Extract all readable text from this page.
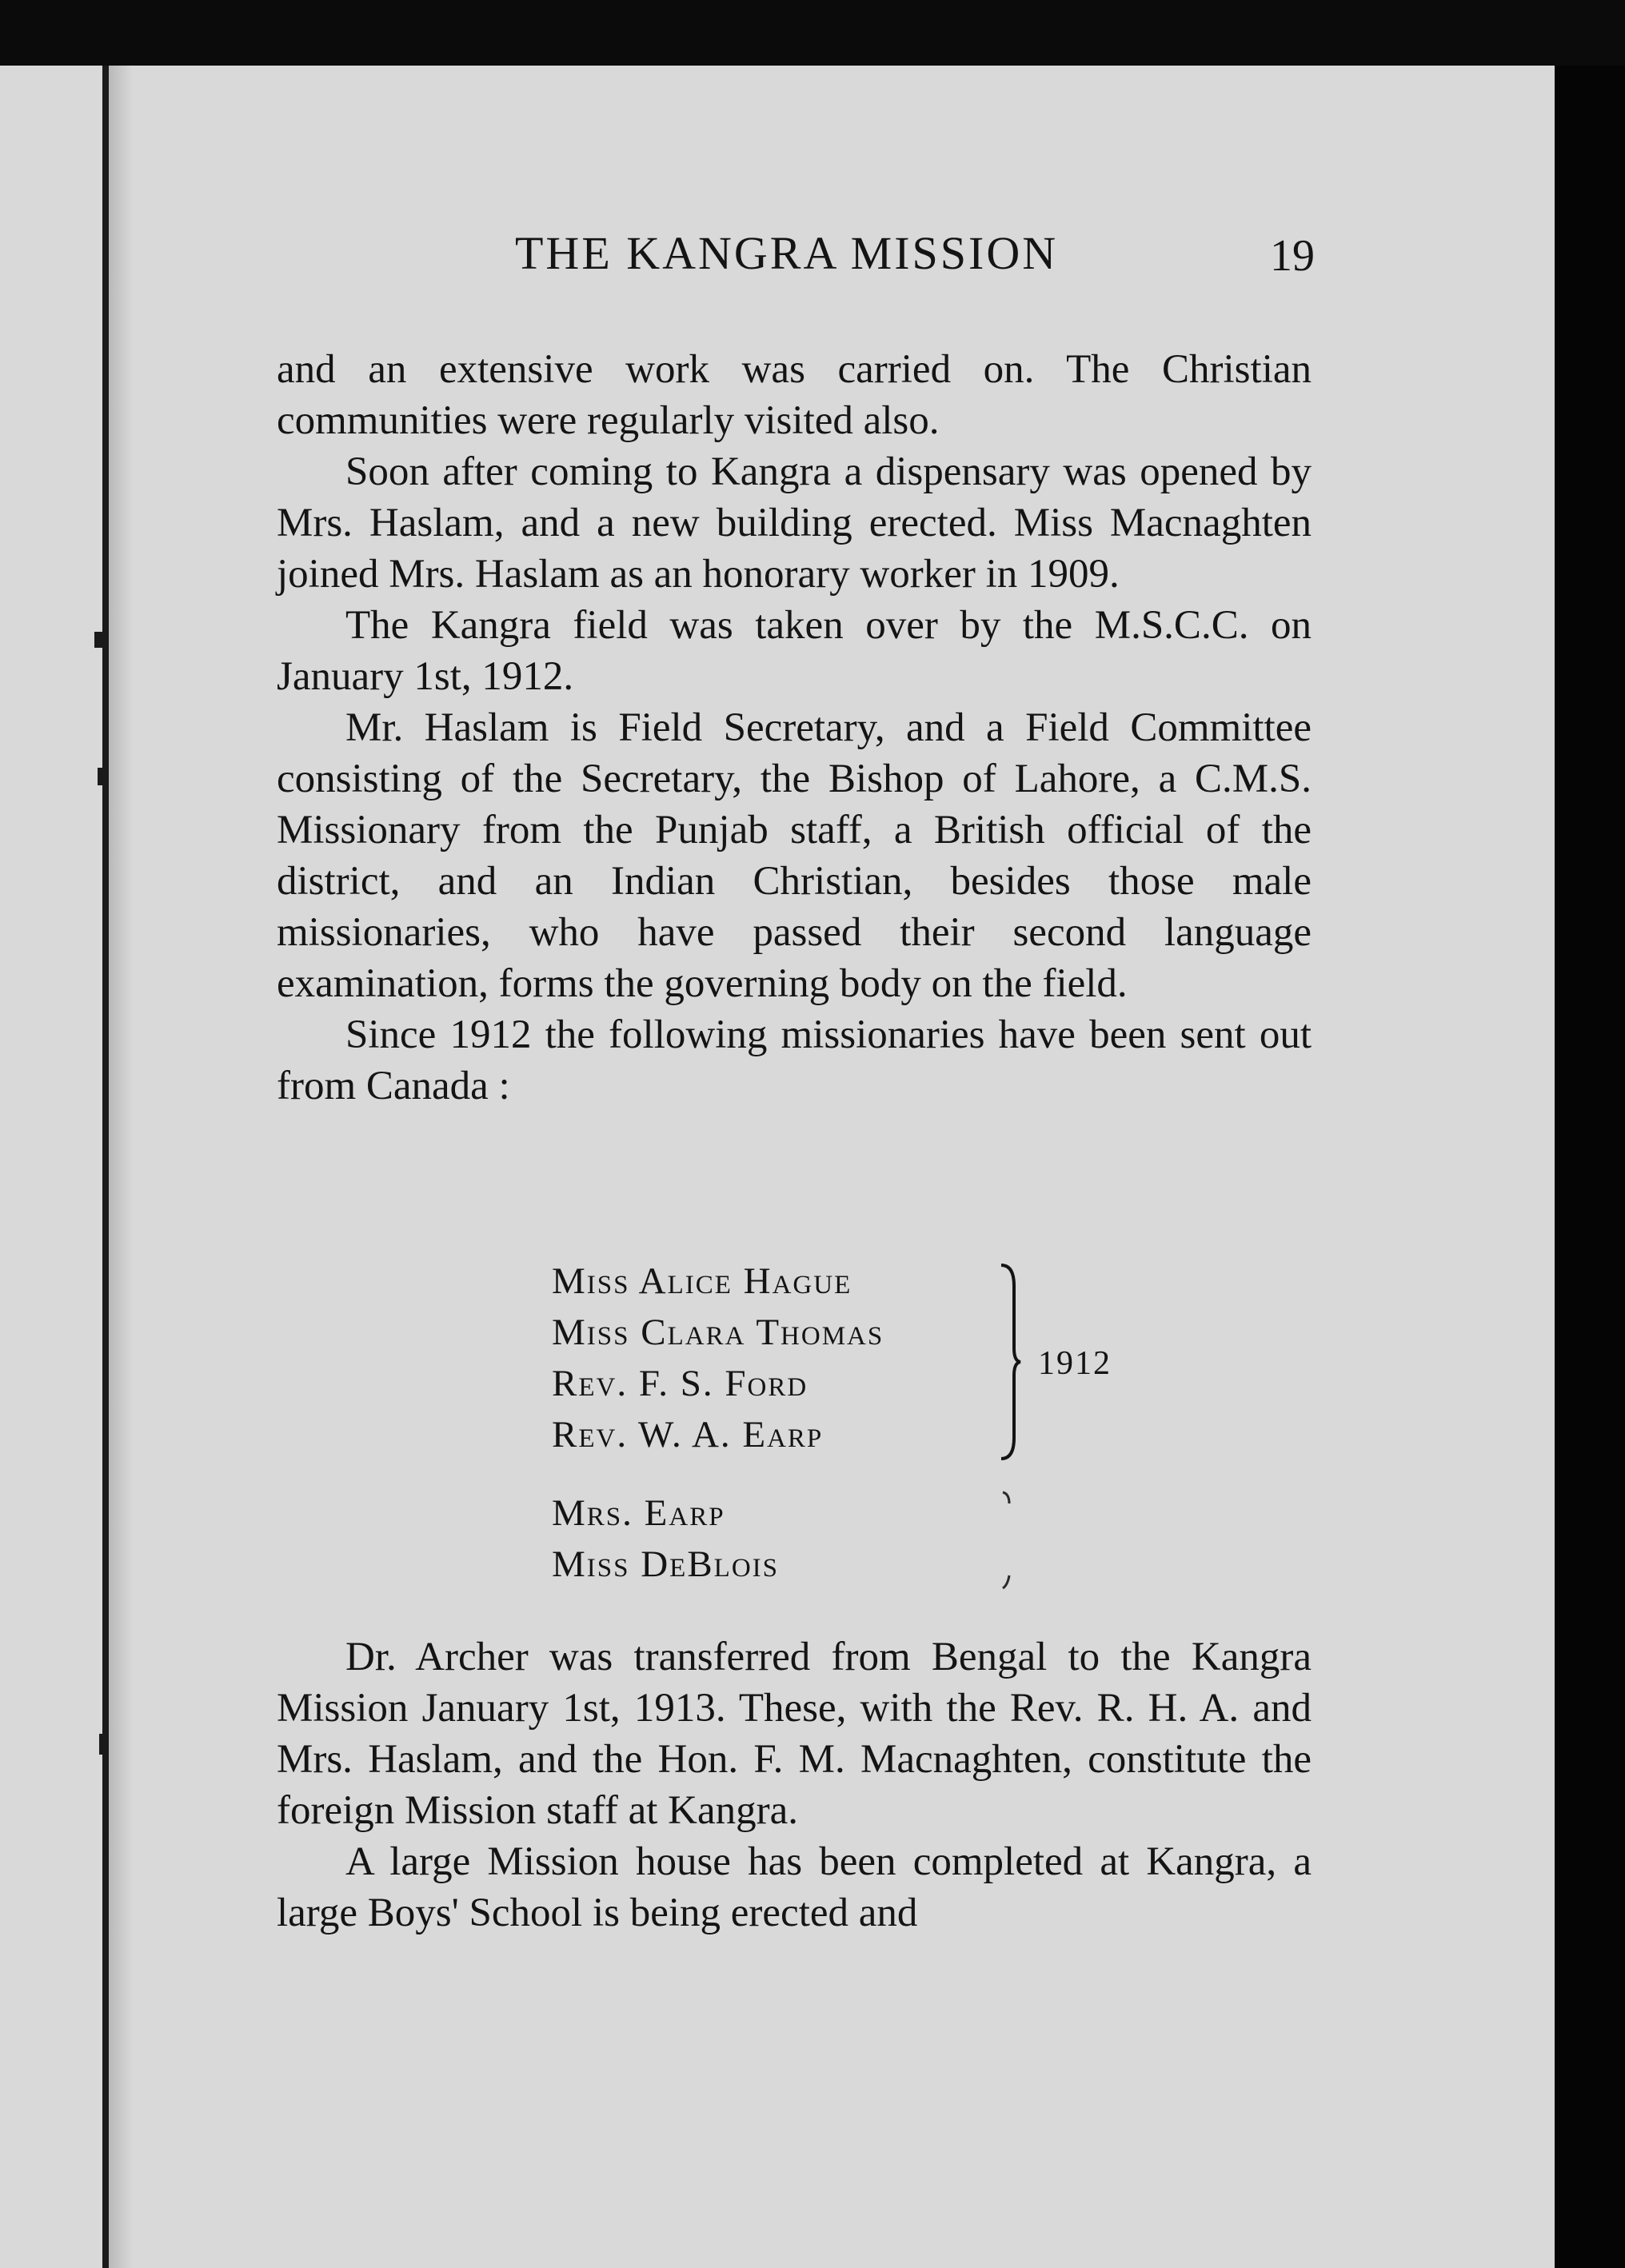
THE KANGRA MISSION	19

and an extensive work was carried on. The Christian communities were regularly visited also.

Soon after coming to Kangra a dispensary was opened by Mrs. Haslam, and a new building erected. Miss Macnaghten joined Mrs. Haslam as an honorary worker in 1909.

The Kangra field was taken over by the M.S.C.C. on January 1st, 1912.

Mr. Haslam is Field Secretary, and a Field Committee consisting of the Secretary, the Bishop of Lahore, a C.M.S. Missionary from the Punjab staff, a British official of the district, and an Indian Christian, besides those male missionaries, who have passed their second language examination, forms the governing body on the field.

Since 1912 the following missionaries have been sent out from Canada :

Miss Alice Hague
Miss Clara Thomas
Rev. F. S. Ford
Rev. W. A. Earp
Mrs. Earp
Miss DeBlois
1912

Dr. Archer was transferred from Bengal to the Kangra Mission January 1st, 1913. These, with the Rev. R. H. A. and Mrs. Haslam, and the Hon. F. M. Macnaghten, constitute the foreign Mission staff at Kangra.

A large Mission house has been completed at Kangra, a large Boys' School is being erected and
